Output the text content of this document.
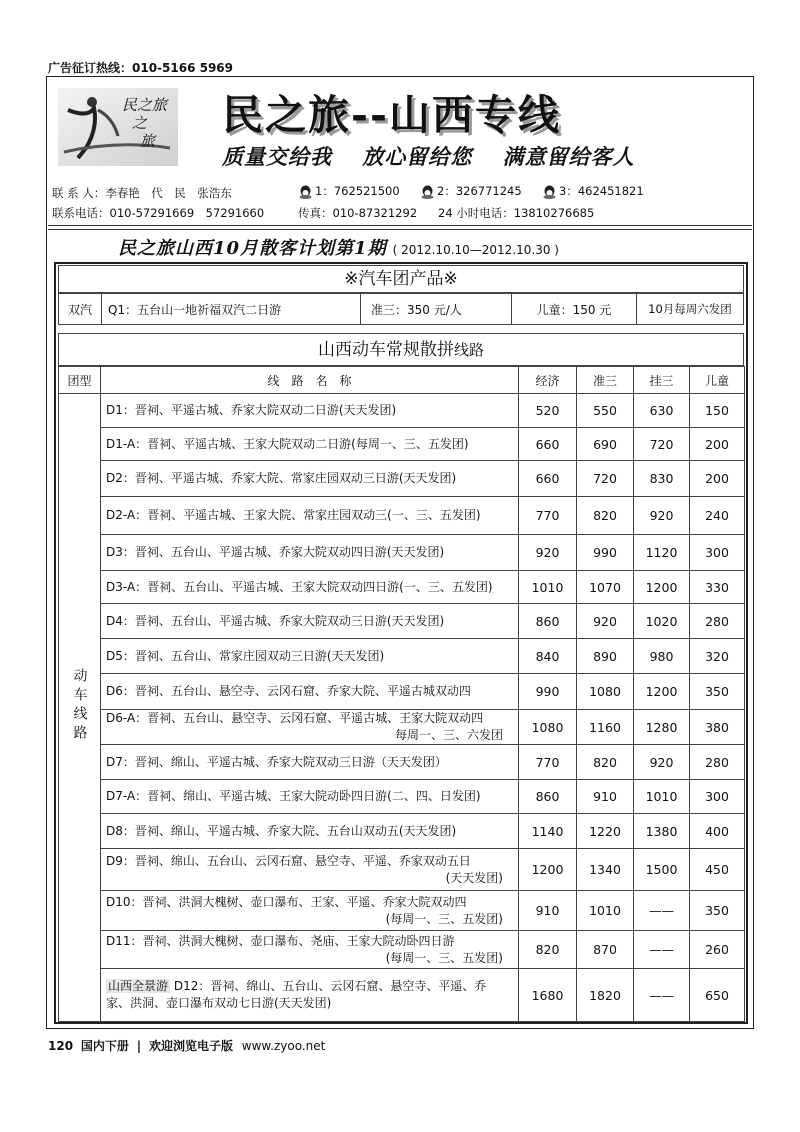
广告征订热线：010-5166 5969
民之旅
之
旅
民之旅--山西专线
质量交给我 放心留给您 满意留给客人
联 系 人：李春艳　代　民　张浩东	1：762521500	2：326771245	3：462451821
联系电话：010-57291669　57291660	传真：010-87321292 24 小时电话：13810276685
民之旅山西10月散客计划第1期 ( 2012.10.10—2012.10.30 )
※汽车团产品※
双汽	Q1：五台山一地祈福双汽二日游	准三：350 元/人	儿童：150 元	10月每周六发团
山西动车常规散拼线路
团型	线　路　名　称	经济	准三	挂三	儿童
动车线路	D1：晋祠、平遥古城、乔家大院双动二日游(天天发团)	520	550	630	150
	D1-A：晋祠、平遥古城、王家大院双动二日游(每周一、三、五发团)	660	690	720	200
	D2：晋祠、平遥古城、乔家大院、常家庄园双动三日游(天天发团)	660	720	830	200
	D2-A：晋祠、平遥古城、王家大院、常家庄园双动三(一、三、五发团)	770	820	920	240
	D3：晋祠、五台山、平遥古城、乔家大院双动四日游(天天发团)	920	990	1120	300
	D3-A：晋祠、五台山、平遥古城、王家大院双动四日游(一、三、五发团)	1010	1070	1200	330
	D4：晋祠、五台山、平遥古城、乔家大院双动三日游(天天发团)	860	920	1020	280
	D5：晋祠、五台山、常家庄园双动三日游(天天发团)	840	890	980	320
	D6：晋祠、五台山、悬空寺、云冈石窟、乔家大院、平遥古城双动四	990	1080	1200	350
	D6-A：晋祠、五台山、悬空寺、云冈石窟、平遥古城、王家大院双动四
每周一、三、六发团	1080	1160	1280	380
	D7：晋祠、绵山、平遥古城、乔家大院双动三日游（天天发团）	770	820	920	280
	D7-A：晋祠、绵山、平遥古城、王家大院动卧四日游(二、四、日发团)	860	910	1010	300
	D8：晋祠、绵山、平遥古城、乔家大院、五台山双动五(天天发团)	1140	1220	1380	400
	D9：晋祠、绵山、五台山、云冈石窟、悬空寺、平遥、乔家双动五日
(天天发团)	1200	1340	1500	450
	D10：晋祠、洪洞大槐树、壶口瀑布、王家、平遥、乔家大院双动四
(每周一、三、五发团)	910	1010	——	350
	D11：晋祠、洪洞大槐树、壶口瀑布、尧庙、王家大院动卧四日游
(每周一、三、五发团)	820	870	——	260
	山西全景游 D12：晋祠、绵山、五台山、云冈石窟、悬空寺、平遥、乔
家、洪洞、壶口瀑布双动七日游(天天发团)	1680	1820	——	650
120 国内下册 | 欢迎浏览电子版 www.zyoo.net
